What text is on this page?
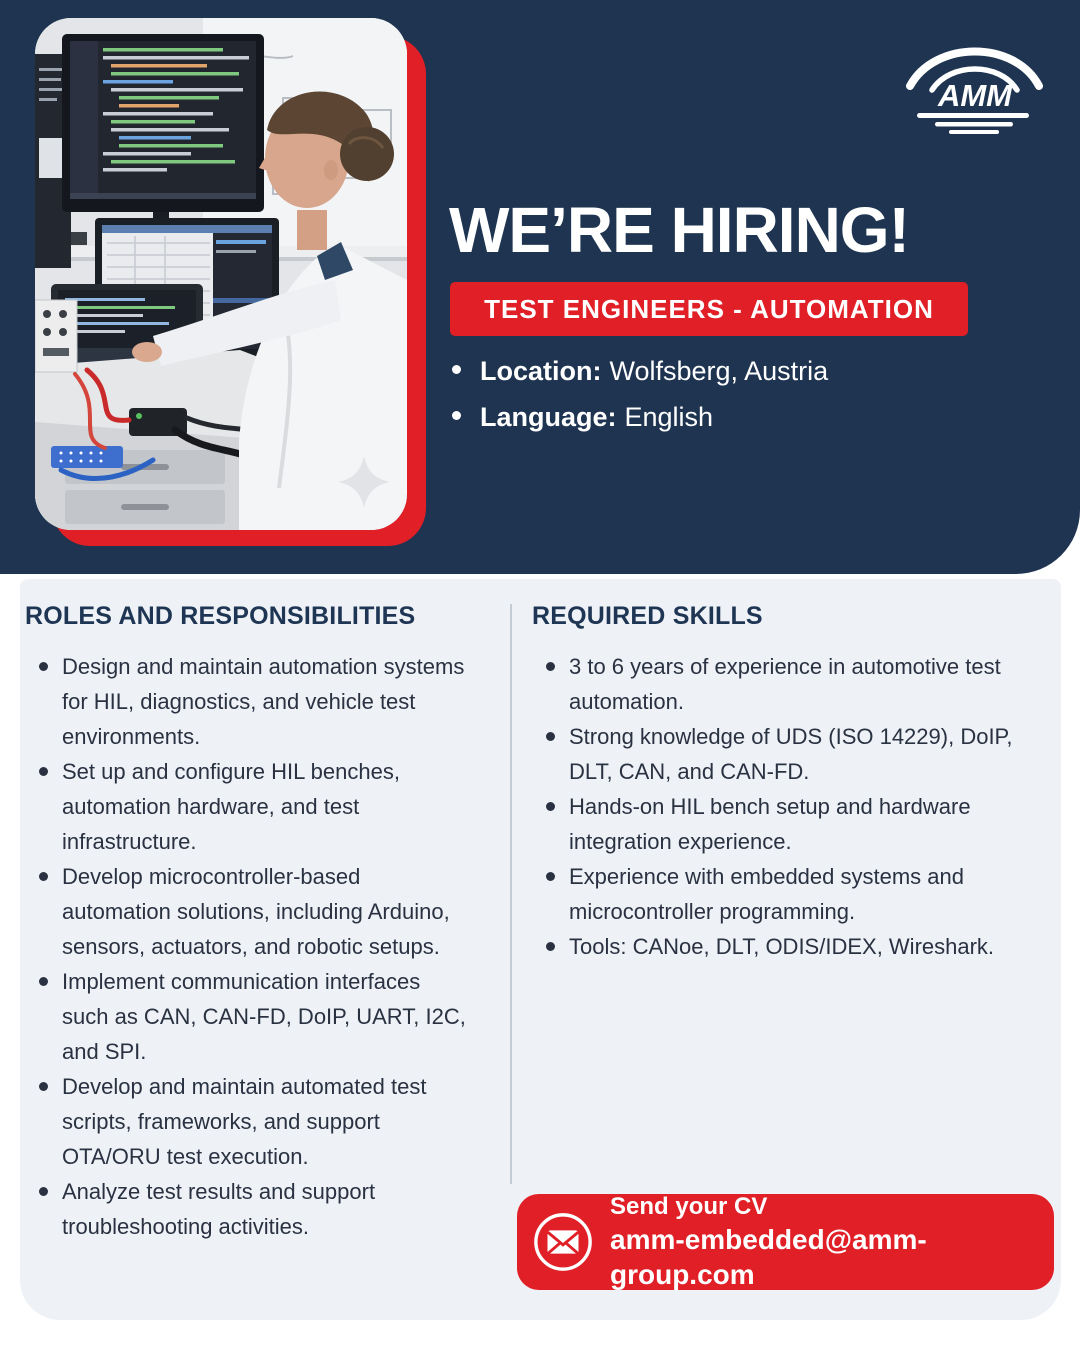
AMM
WE’RE HIRING!
TEST ENGINEERS - AUTOMATION
Location: Wolfsberg, Austria
Language: English
ROLES AND RESPONSIBILITIES
Design and maintain automation systems for HIL, diagnostics, and vehicle test environments.
Set up and configure HIL benches, automation hardware, and test infrastructure.
Develop microcontroller-based automation solutions, including Arduino, sensors, actuators, and robotic setups.
Implement communication interfaces such as CAN, CAN-FD, DoIP, UART, I2C, and SPI.
Develop and maintain automated test scripts, frameworks, and support OTA/ORU test execution.
Analyze test results and support troubleshooting activities.
REQUIRED SKILLS
3 to 6 years of experience in automotive test automation.
Strong knowledge of UDS (ISO 14229), DoIP, DLT, CAN, and CAN-FD.
Hands-on HIL bench setup and hardware integration experience.
Experience with embedded systems and microcontroller programming.
Tools: CANoe, DLT, ODIS/IDEX, Wireshark.
Send your CV
amm-embedded@amm-group.com
